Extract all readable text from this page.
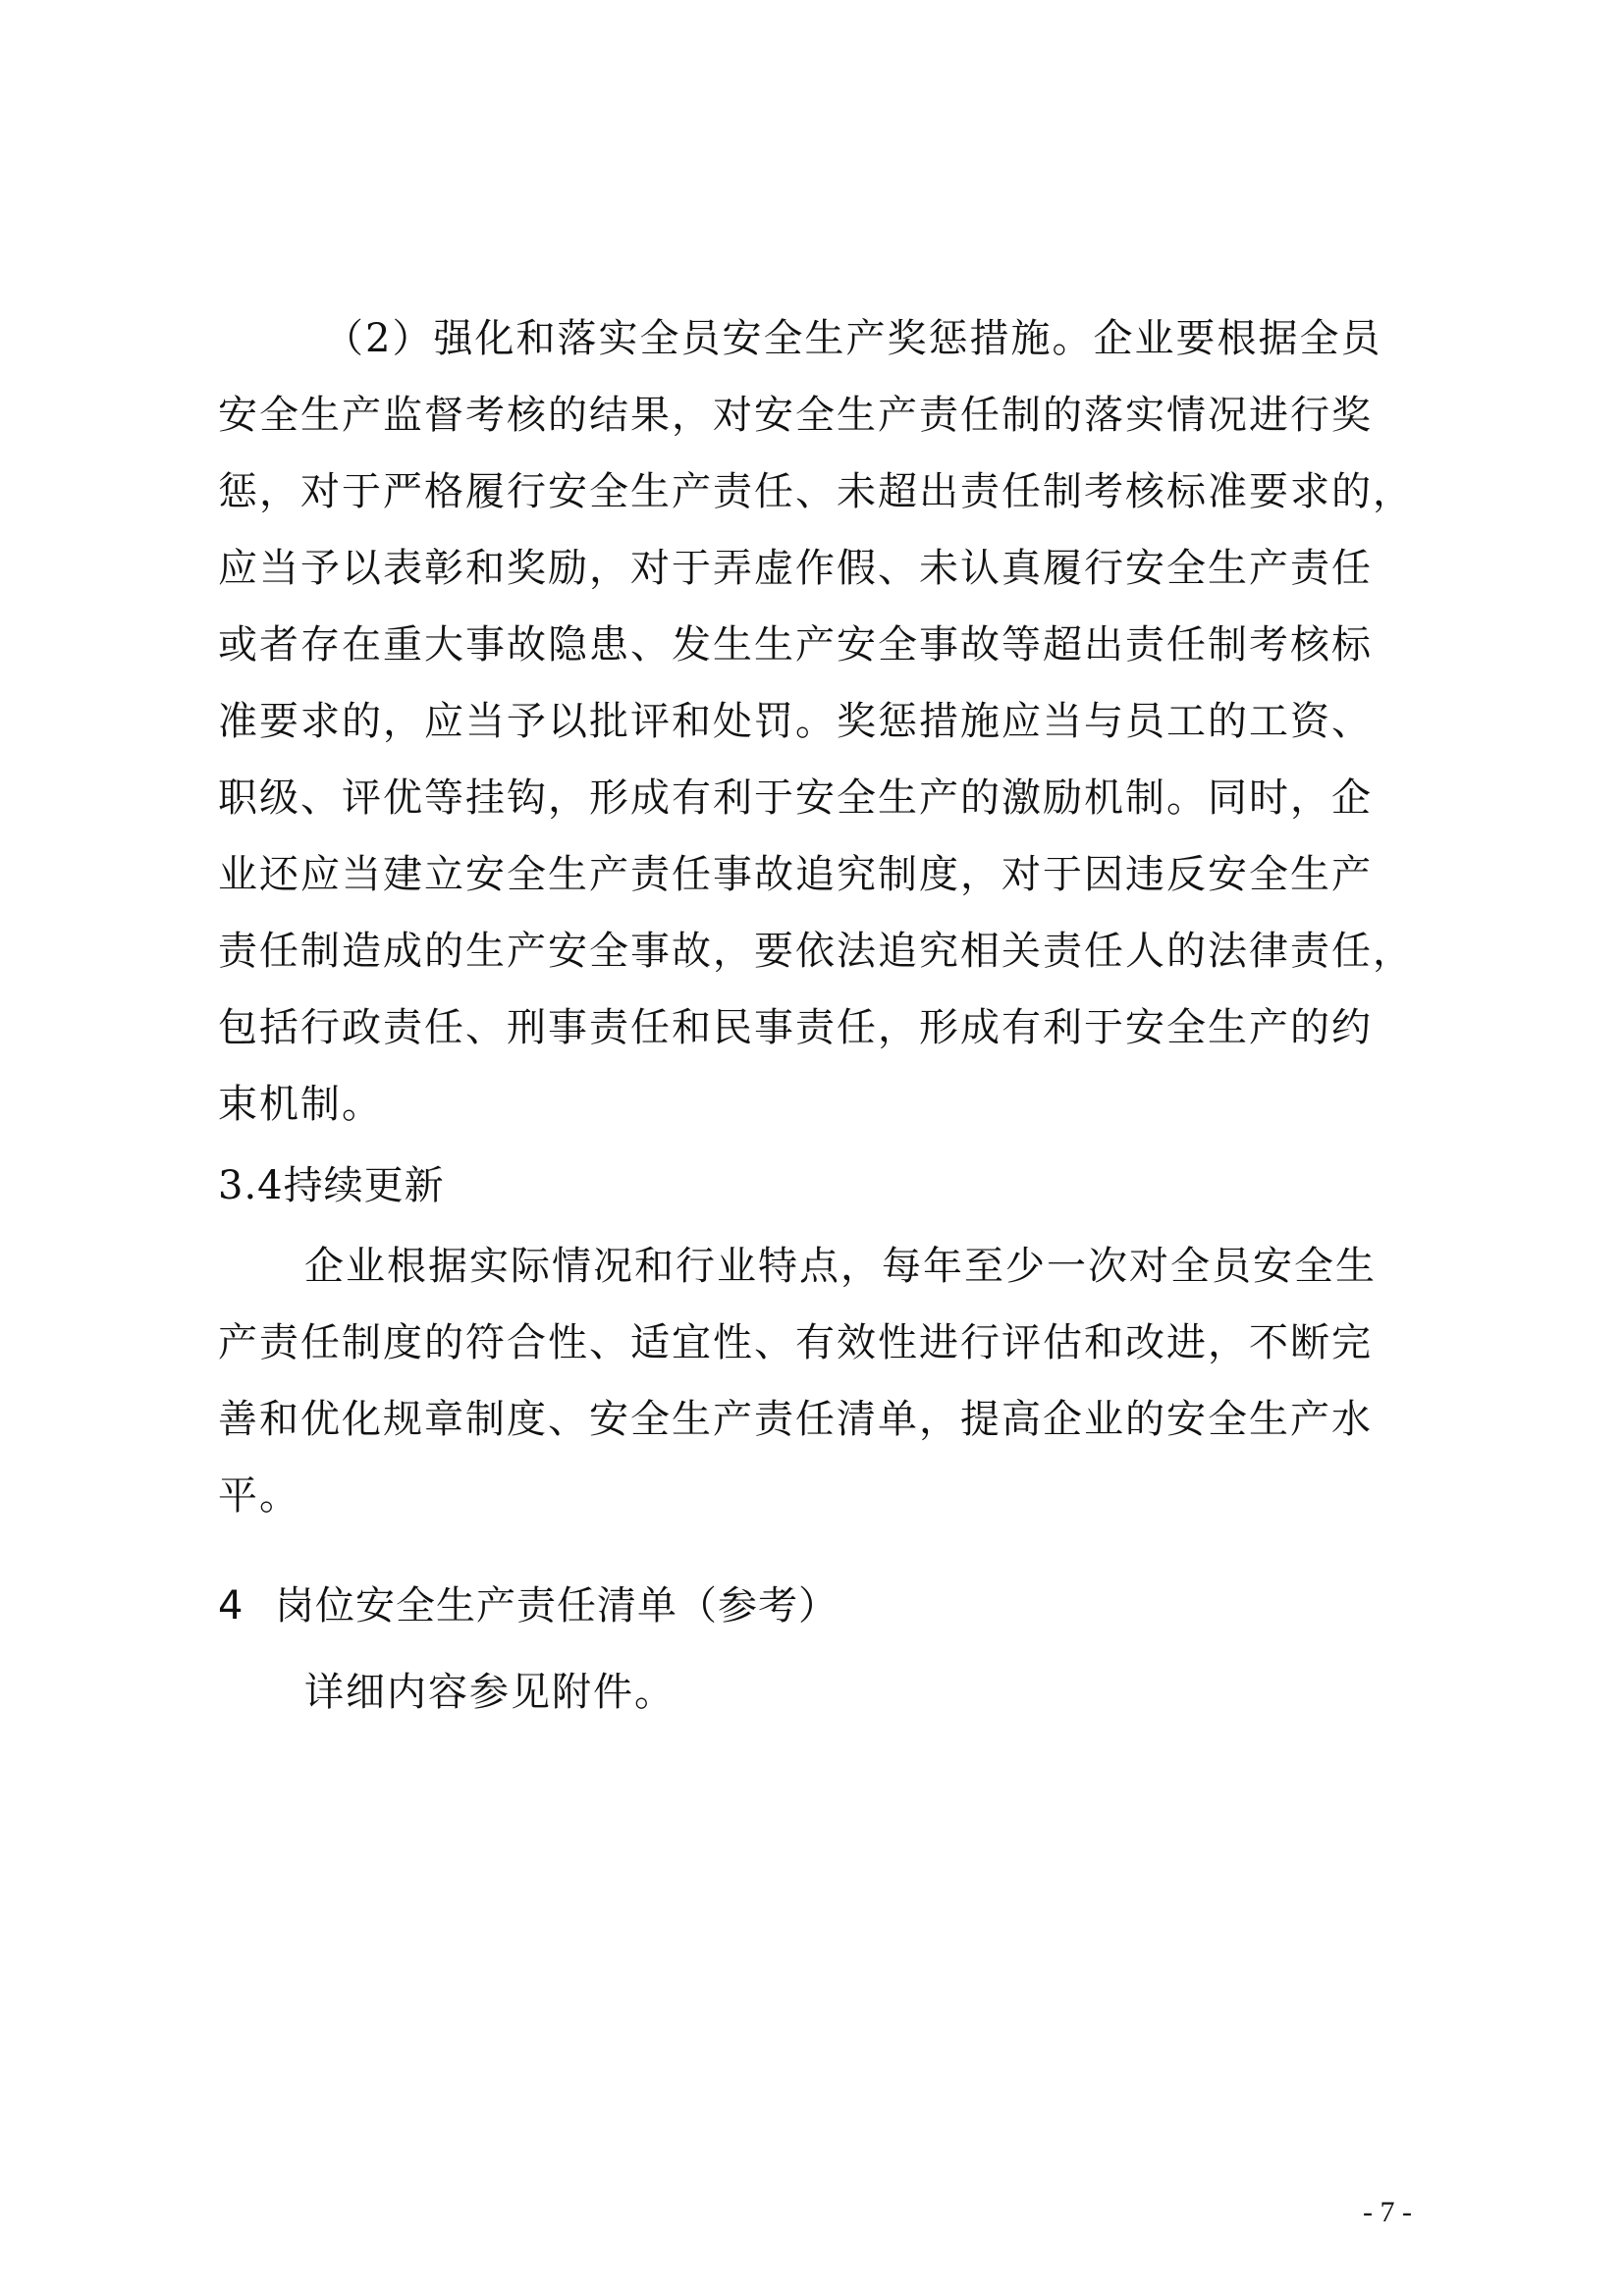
（2）强化和落实全员安全生产奖惩措施。企业要根据全员
安全生产监督考核的结果，对安全生产责任制的落实情况进行奖
惩，对于严格履行安全生产责任、未超出责任制考核标准要求的，
应当予以表彰和奖励，对于弄虚作假、未认真履行安全生产责任
或者存在重大事故隐患、发生生产安全事故等超出责任制考核标
准要求的，应当予以批评和处罚。奖惩措施应当与员工的工资、
职级、评优等挂钩，形成有利于安全生产的激励机制。同时，企
业还应当建立安全生产责任事故追究制度，对于因违反安全生产
责任制造成的生产安全事故，要依法追究相关责任人的法律责任，
包括行政责任、刑事责任和民事责任，形成有利于安全生产的约
束机制。
3.4持续更新
企业根据实际情况和行业特点，每年至少一次对全员安全生
产责任制度的符合性、适宜性、有效性进行评估和改进，不断完
善和优化规章制度、安全生产责任清单，提高企业的安全生产水
平。
4 岗位安全生产责任清单（参考）
详细内容参见附件。
- 7 -
